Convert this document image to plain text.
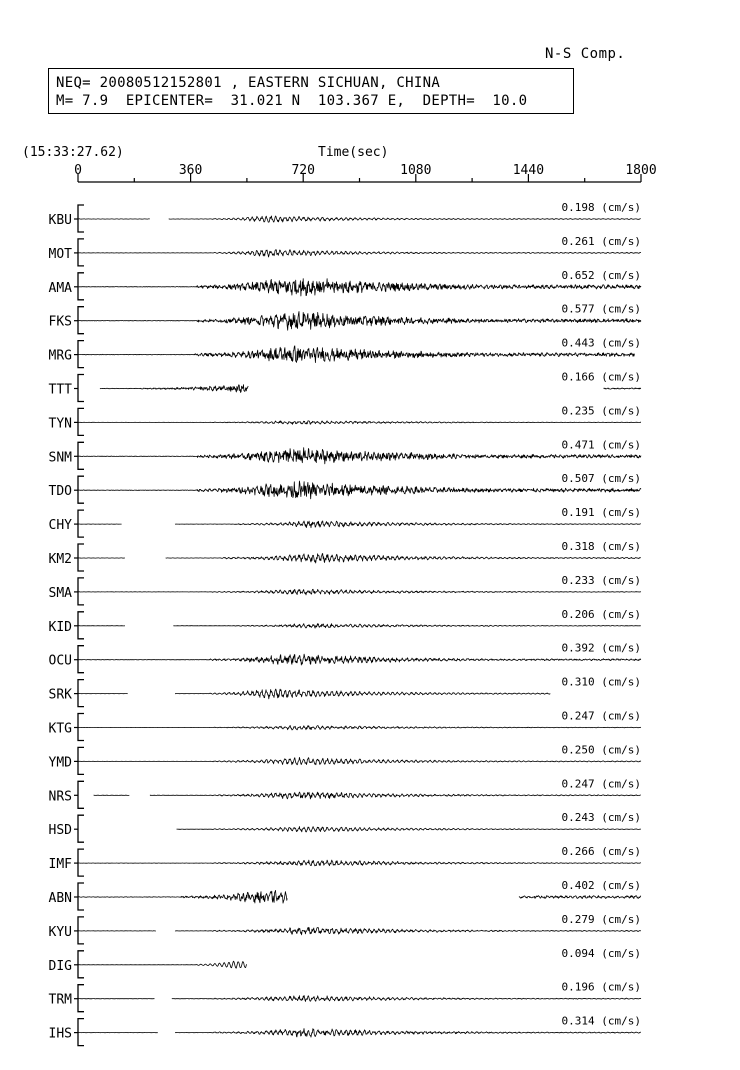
N-S Comp.
NEQ= 20080512152801 , EASTERN SICHUAN, CHINA
M= 7.9  EPICENTER=  31.021 N  103.367 E,  DEPTH=  10.0
(15:33:27.62)	Time(sec)
0	360	720	1080	1440	1800
KBU
0.198 (cm/s)
MOT
0.261 (cm/s)
AMA
0.652 (cm/s)
FKS
0.577 (cm/s)
MRG
0.443 (cm/s)
TTT
0.166 (cm/s)
TYN
0.235 (cm/s)
SNM
0.471 (cm/s)
TDO
0.507 (cm/s)
CHY
0.191 (cm/s)
KM2
0.318 (cm/s)
SMA
0.233 (cm/s)
KID
0.206 (cm/s)
OCU
0.392 (cm/s)
SRK
0.310 (cm/s)
KTG
0.247 (cm/s)
YMD
0.250 (cm/s)
NRS
0.247 (cm/s)
HSD
0.243 (cm/s)
IMF
0.266 (cm/s)
ABN
0.402 (cm/s)
KYU
0.279 (cm/s)
DIG
0.094 (cm/s)
TRM
0.196 (cm/s)
IHS
0.314 (cm/s)
